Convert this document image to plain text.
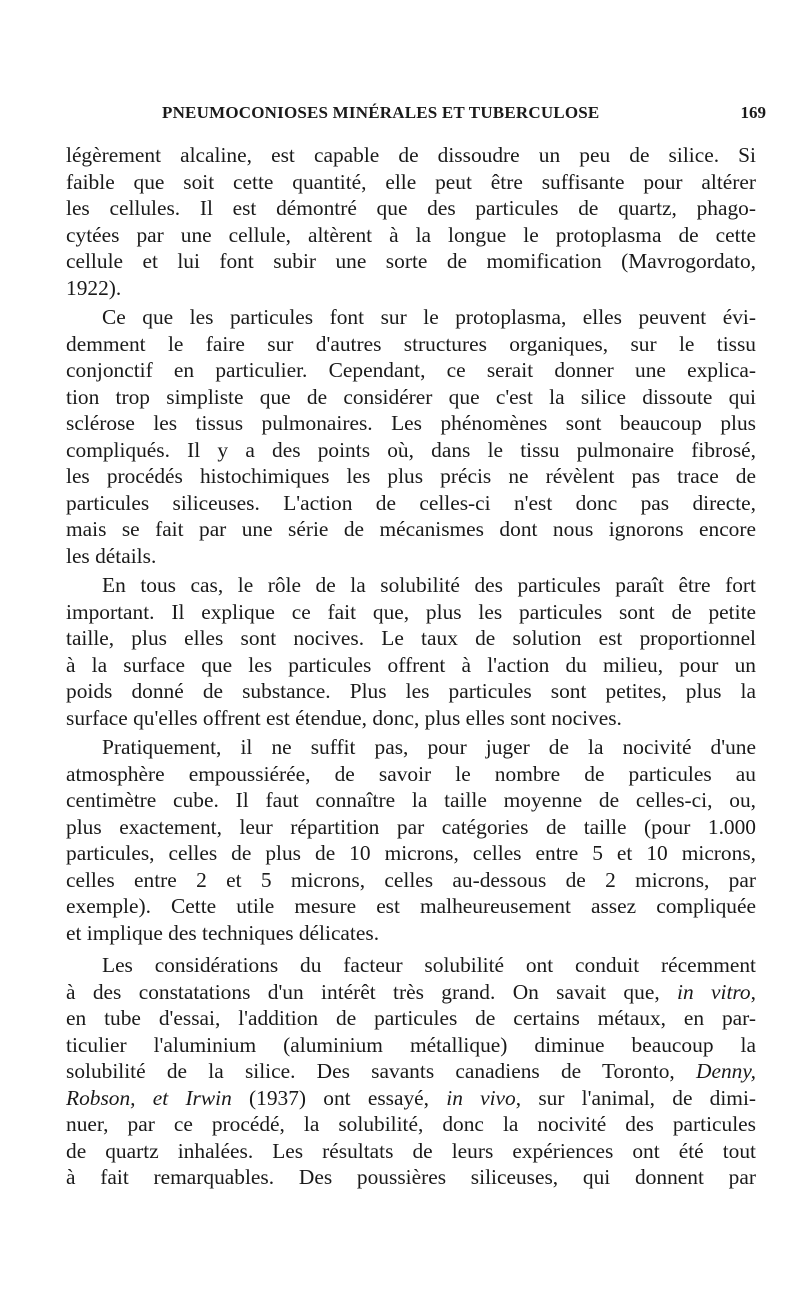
PNEUMOCONIOSES MINÉRALES ET TUBERCULOSE	169
légèrement alcaline, est capable de dissoudre un peu de silice. Si
faible que soit cette quantité, elle peut être suffisante pour altérer
les cellules. Il est démontré que des particules de quartz, phago-
cytées par une cellule, altèrent à la longue le protoplasma de cette
cellule et lui font subir une sorte de momification (Mavrogordato,
1922).
Ce que les particules font sur le protoplasma, elles peuvent évi-
demment le faire sur d'autres structures organiques, sur le tissu
conjonctif en particulier. Cependant, ce serait donner une explica-
tion trop simpliste que de considérer que c'est la silice dissoute qui
sclérose les tissus pulmonaires. Les phénomènes sont beaucoup plus
compliqués. Il y a des points où, dans le tissu pulmonaire fibrosé,
les procédés histochimiques les plus précis ne révèlent pas trace de
particules siliceuses. L'action de celles-ci n'est donc pas directe,
mais se fait par une série de mécanismes dont nous ignorons encore
les détails.
En tous cas, le rôle de la solubilité des particules paraît être fort
important. Il explique ce fait que, plus les particules sont de petite
taille, plus elles sont nocives. Le taux de solution est proportionnel
à la surface que les particules offrent à l'action du milieu, pour un
poids donné de substance. Plus les particules sont petites, plus la
surface qu'elles offrent est étendue, donc, plus elles sont nocives.
Pratiquement, il ne suffit pas, pour juger de la nocivité d'une
atmosphère empoussiérée, de savoir le nombre de particules au
centimètre cube. Il faut connaître la taille moyenne de celles-ci, ou,
plus exactement, leur répartition par catégories de taille (pour 1.000
particules, celles de plus de 10 microns, celles entre 5 et 10 microns,
celles entre 2 et 5 microns, celles au-dessous de 2 microns, par
exemple). Cette utile mesure est malheureusement assez compliquée
et implique des techniques délicates.
Les considérations du facteur solubilité ont conduit récemment
à des constatations d'un intérêt très grand. On savait que, in vitro,
en tube d'essai, l'addition de particules de certains métaux, en par-
ticulier l'aluminium (aluminium métallique) diminue beaucoup la
solubilité de la silice. Des savants canadiens de Toronto, Denny,
Robson, et Irwin (1937) ont essayé, in vivo, sur l'animal, de dimi-
nuer, par ce procédé, la solubilité, donc la nocivité des particules
de quartz inhalées. Les résultats de leurs expériences ont été tout
à fait remarquables. Des poussières siliceuses, qui donnent par
